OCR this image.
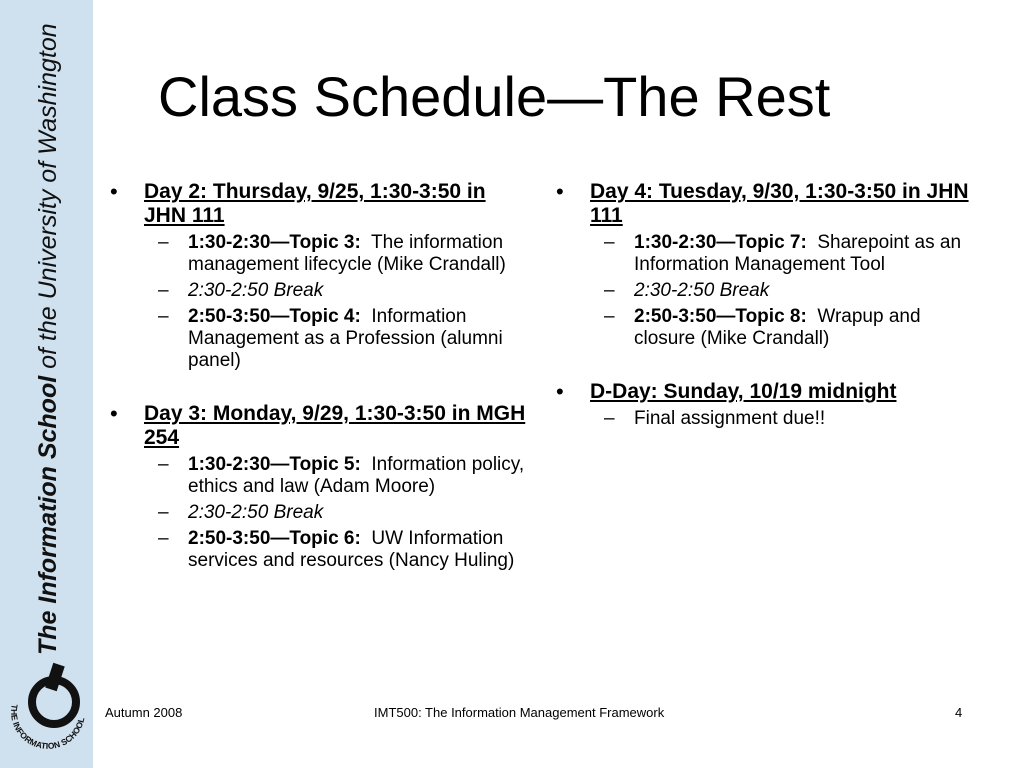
The Information School of the University of Washington
THE INFORMATION SCHOOL
Class Schedule—The Rest
• Day 2: Thursday, 9/25, 1:30-3:50 in JHN 111
– 1:30-2:30—Topic 3: The information management lifecycle (Mike Crandall)
– 2:30-2:50 Break
– 2:50-3:50—Topic 4: Information Management as a Profession (alumni panel)
• Day 3: Monday, 9/29, 1:30-3:50 in MGH 254
– 1:30-2:30—Topic 5: Information policy, ethics and law (Adam Moore)
– 2:30-2:50 Break
– 2:50-3:50—Topic 6: UW Information services and resources (Nancy Huling)
• Day 4: Tuesday, 9/30, 1:30-3:50 in JHN 111
– 1:30-2:30—Topic 7: Sharepoint as an Information Management Tool
– 2:30-2:50 Break
– 2:50-3:50—Topic 8: Wrapup and closure (Mike Crandall)
• D-Day: Sunday, 10/19 midnight
– Final assignment due!!
Autumn 2008	IMT500: The Information Management Framework	4
